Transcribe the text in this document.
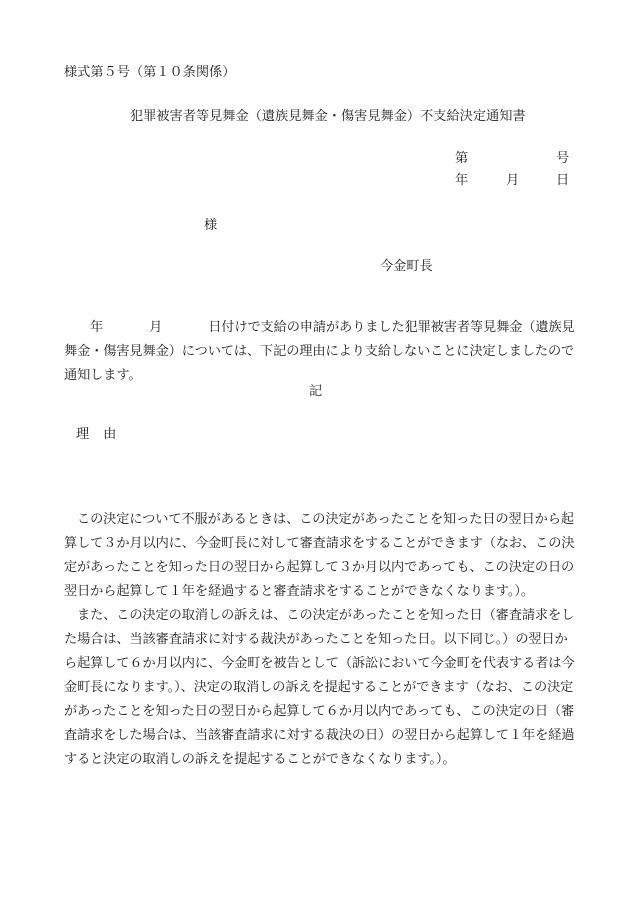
様式第５号（第１０条関係）
犯罪被害者等見舞金（遺族見舞金・傷害見舞金）不支給決定通知書
第	号
年	月	日
様
今金町長
年	月	日付けで支給の申請がありました犯罪被害者等見舞金（遺族見舞金・傷害見舞金）については、下記の理由により支給しないことに決定しましたので通知します。
記
理由

この決定について不服があるときは、この決定があったことを知った日の翌日から起算して３か月以内に、今金町長に対して審査請求をすることができます（なお、この決定があったことを知った日の翌日から起算して３か月以内であっても、この決定の日の翌日から起算して１年を経過すると審査請求をすることができなくなります。）。

また、この決定の取消しの訴えは、この決定があったことを知った日（審査請求をした場合は、当該審査請求に対する裁決があったことを知った日。以下同じ。）の翌日から起算して６か月以内に、今金町を被告として（訴訟において今金町を代表する者は今金町長になります。）、決定の取消しの訴えを提起することができます（なお、この決定があったことを知った日の翌日から起算して６か月以内であっても、この決定の日（審査請求をした場合は、当該審査請求に対する裁決の日）の翌日から起算して１年を経過すると決定の取消しの訴えを提起することができなくなります。）。
